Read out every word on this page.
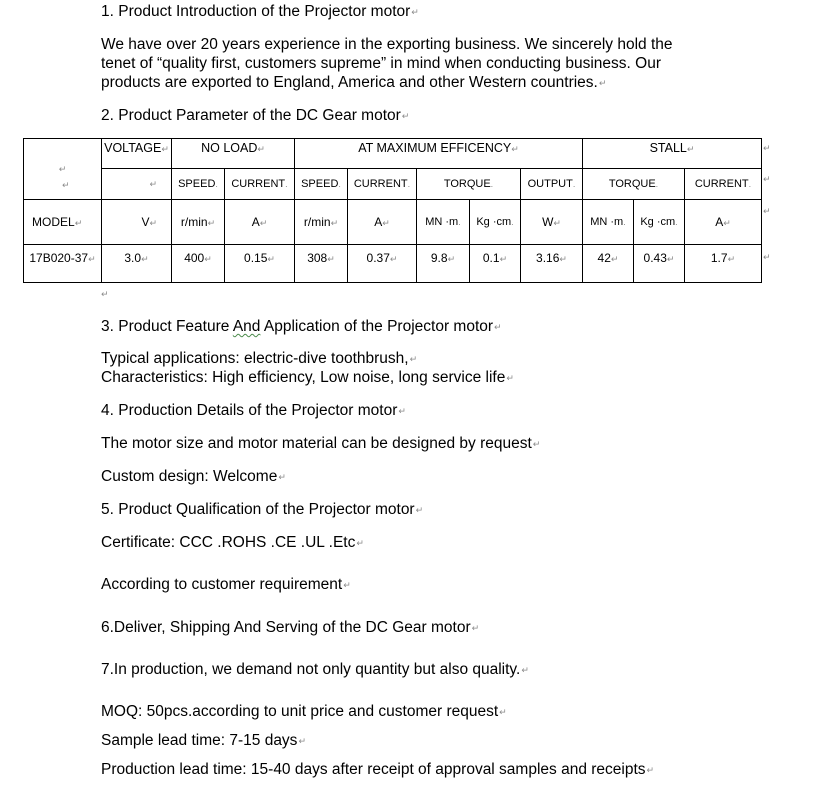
1. Product Introduction of the Projector motor↵
We have over 20 years experience in the exporting business. We sincerely hold the
tenet of “quality first, customers supreme” in mind when conducting business. Our
products are exported to England, America and other Western countries.↵
2. Product Parameter of the DC Gear motor↵
↵	VOLTAGE↵	NO LOAD↵		AT MAXIMUM EFFICENCY↵					STALL↵		
	↵	SPEED.	CURRENT.	SPEED.	CURRENT.	TORQUE.		OUTPUT.	TORQUE.		CURRENT.
MODEL↵	V↵	r/min↵	A↵	r/min↵	A↵	MN ·m.	Kg ·cm.	W↵	MN ·m.	Kg ·cm.	A↵
17B020-37↵	3.0↵	400↵	0.15↵	308↵	0.37↵	9.8↵	0.1↵	3.16↵	42↵	0.43↵	1.7↵
↵
↵
↵
↵
↵
↵
3. Product Feature And Application of the Projector motor↵
Typical applications: electric-dive toothbrush,↵
Characteristics: High efficiency, Low noise, long service life↵
4. Production Details of the Projector motor↵
The motor size and motor material can be designed by request↵
Custom design: Welcome↵
5. Product Qualification of the Projector motor↵
Certificate: CCC .ROHS .CE .UL .Etc↵
According to customer requirement↵
6.Deliver, Shipping And Serving of the DC Gear motor↵
7.In production, we demand not only quantity but also quality.↵
MOQ: 50pcs.according to unit price and customer request↵
Sample lead time: 7-15 days↵
Production lead time: 15-40 days after receipt of approval samples and receipts↵
